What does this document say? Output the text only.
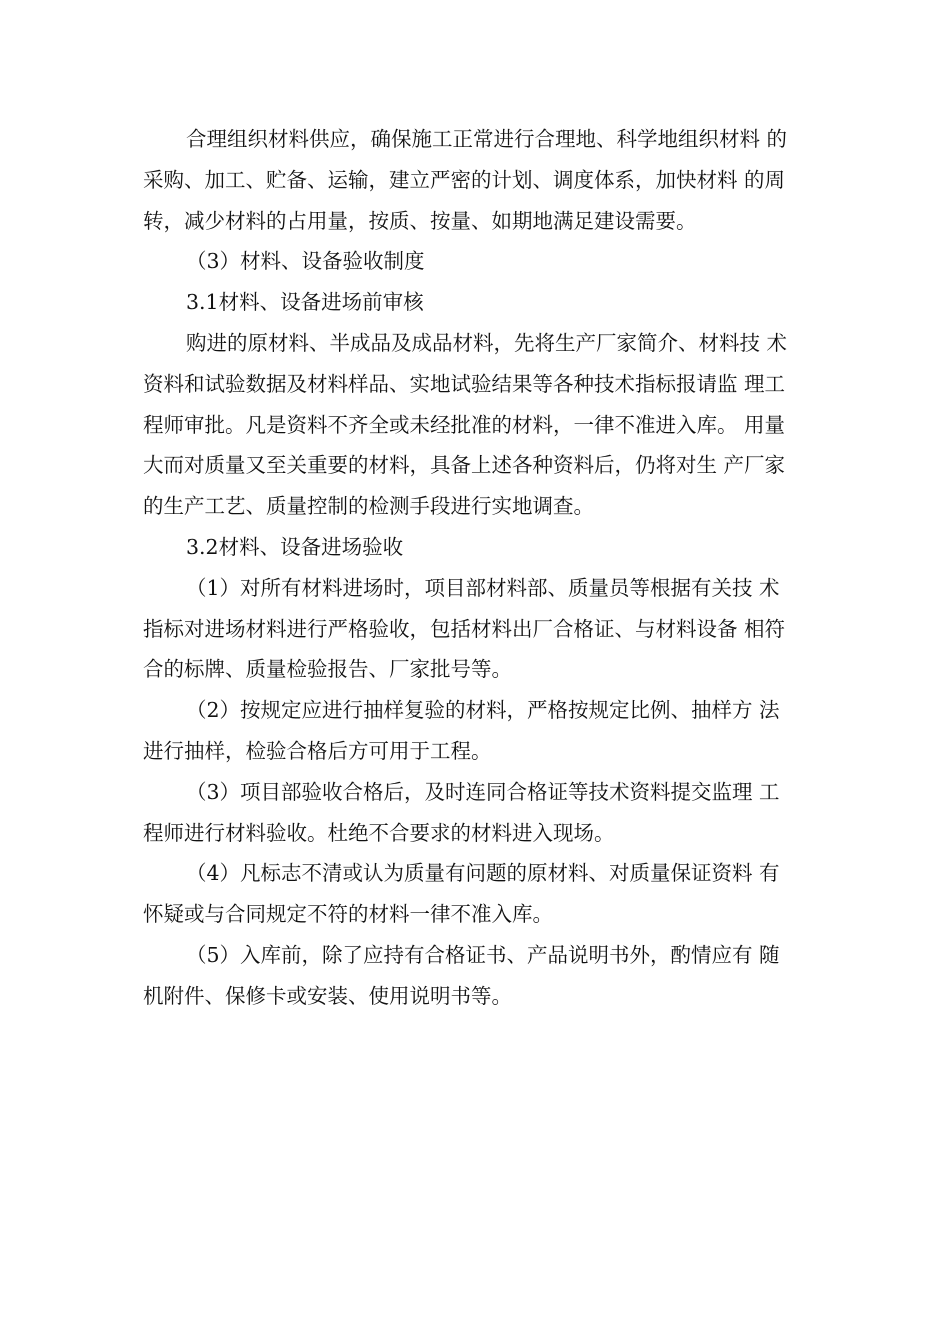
合理组织材料供应，确保施工正常进行合理地、科学地组织材料 的
采购、加工、贮备、运输，建立严密的计划、调度体系，加快材料 的周
转，减少材料的占用量，按质、按量、如期地满足建设需要。
（3）材料、设备验收制度
3.1材料、设备进场前审核
购进的原材料、半成品及成品材料，先将生产厂家简介、材料技 术
资料和试验数据及材料样品、实地试验结果等各种技术指标报请监 理工
程师审批。凡是资料不齐全或未经批准的材料，一律不准进入库。 用量
大而对质量又至关重要的材料，具备上述各种资料后，仍将对生 产厂家
的生产工艺、质量控制的检测手段进行实地调查。
3.2材料、设备进场验收
（1）对所有材料进场时，项目部材料部、质量员等根据有关技 术
指标对进场材料进行严格验收，包括材料出厂合格证、与材料设备 相符
合的标牌、质量检验报告、厂家批号等。
（2）按规定应进行抽样复验的材料，严格按规定比例、抽样方 法
进行抽样，检验合格后方可用于工程。
（3）项目部验收合格后，及时连同合格证等技术资料提交监理 工
程师进行材料验收。杜绝不合要求的材料进入现场。
（4）凡标志不清或认为质量有问题的原材料、对质量保证资料 有
怀疑或与合同规定不符的材料一律不准入库。
（5）入库前，除了应持有合格证书、产品说明书外，酌情应有 随
机附件、保修卡或安装、使用说明书等。
